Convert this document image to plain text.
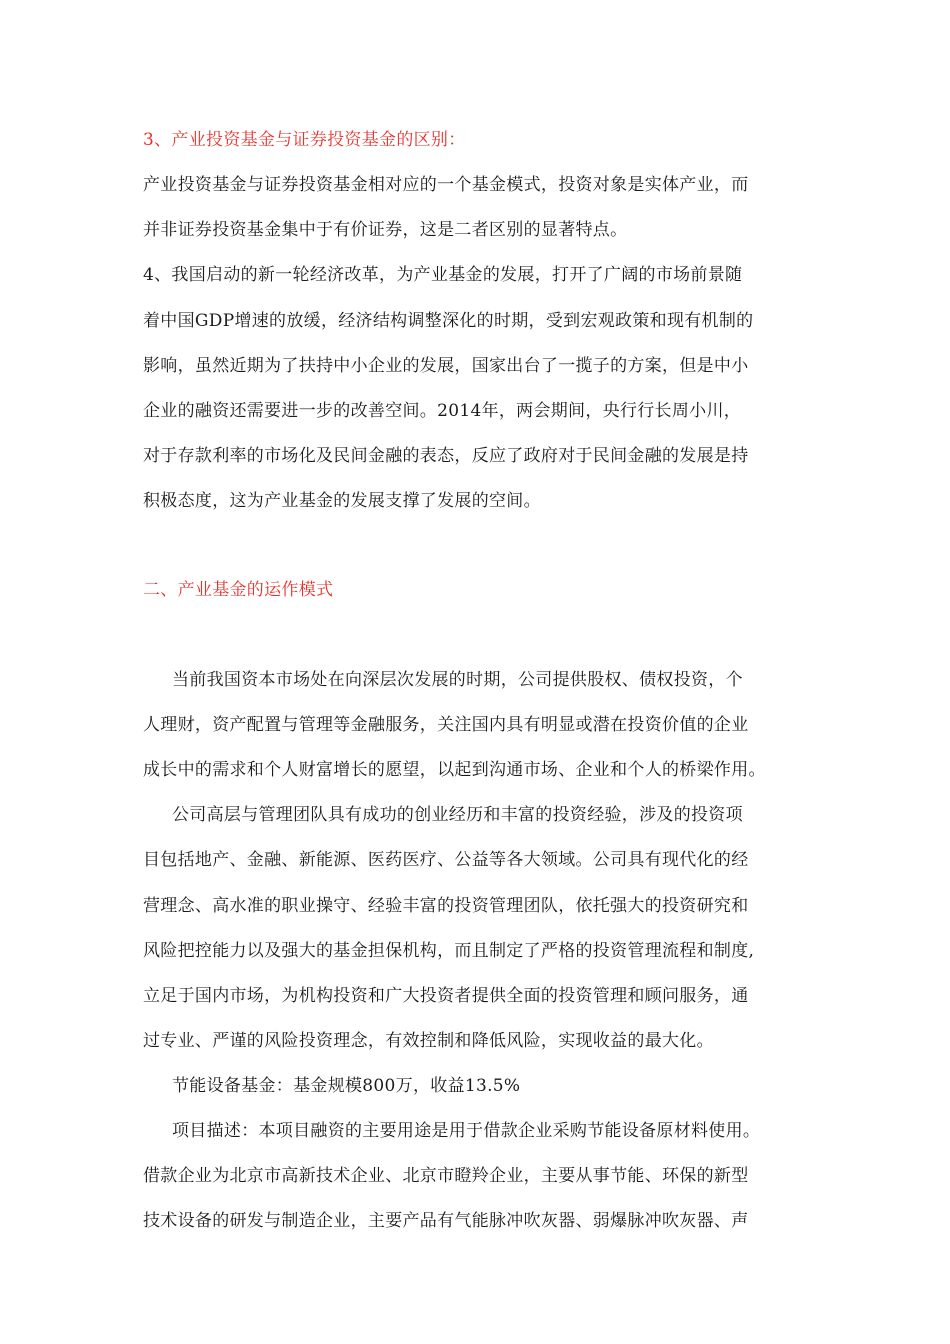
3、产业投资基金与证券投资基金的区别：
产业投资基金与证券投资基金相对应的一个基金模式，投资对象是实体产业，而
并非证券投资基金集中于有价证券，这是二者区别的显著特点。
4、我国启动的新一轮经济改革，为产业基金的发展，打开了广阔的市场前景随
着中国GDP增速的放缓，经济结构调整深化的时期，受到宏观政策和现有机制的
影响，虽然近期为了扶持中小企业的发展，国家出台了一揽子的方案，但是中小
企业的融资还需要进一步的改善空间。2014年，两会期间，央行行长周小川，
对于存款利率的市场化及民间金融的表态，反应了政府对于民间金融的发展是持
积极态度，这为产业基金的发展支撑了发展的空间。
二、产业基金的运作模式
当前我国资本市场处在向深层次发展的时期，公司提供股权、债权投资，个
人理财，资产配置与管理等金融服务，关注国内具有明显或潜在投资价值的企业
成长中的需求和个人财富增长的愿望，以起到沟通市场、企业和个人的桥梁作用。
公司高层与管理团队具有成功的创业经历和丰富的投资经验，涉及的投资项
目包括地产、金融、新能源、医药医疗、公益等各大领域。公司具有现代化的经
营理念、高水准的职业操守、经验丰富的投资管理团队，依托强大的投资研究和
风险把控能力以及强大的基金担保机构，而且制定了严格的投资管理流程和制度,
立足于国内市场，为机构投资和广大投资者提供全面的投资管理和顾问服务，通
过专业、严谨的风险投资理念，有效控制和降低风险，实现收益的最大化。
节能设备基金：基金规模800万，收益13.5%
项目描述：本项目融资的主要用途是用于借款企业采购节能设备原材料使用。
借款企业为北京市高新技术企业、北京市瞪羚企业，主要从事节能、环保的新型
技术设备的研发与制造企业，主要产品有气能脉冲吹灰器、弱爆脉冲吹灰器、声
